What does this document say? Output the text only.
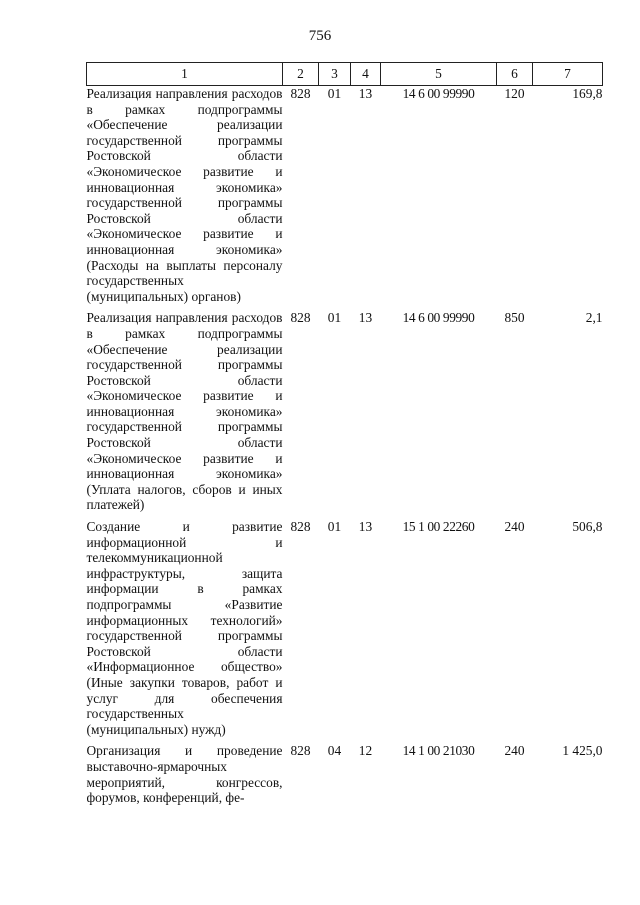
756
1	2	3	4	5	6	7
Реализация направления расходов в рамках подпрограммы «Обеспечение реализации государственной программы Ростовской области «Экономическое развитие и инновационная экономика» государственной программы Ростовской области «Экономическое развитие и инновационная экономика» (Расходы на выплаты персоналу государственных (муниципальных) органов)	828	01	13	14 6 00 99990	120	169,8
Реализация направления расходов в рамках подпрограммы «Обеспечение реализации государственной программы Ростовской области «Экономическое развитие и инновационная экономика» государственной программы Ростовской области «Экономическое развитие и инновационная экономика» (Уплата налогов, сборов и иных платежей)	828	01	13	14 6 00 99990	850	2,1
Создание и развитие информационной и телекоммуникационной инфраструктуры, защита информации в рамках подпрограммы «Развитие информационных технологий» государственной программы Ростовской области «Информационное общество» (Иные закупки товаров, работ и услуг для обеспечения государственных (муниципальных) нужд)	828	01	13	15 1 00 22260	240	506,8
Организация и проведение выставочно-ярмарочных мероприятий, конгрессов, форумов, конференций, фе-	828	04	12	14 1 00 21030	240	1 425,0
